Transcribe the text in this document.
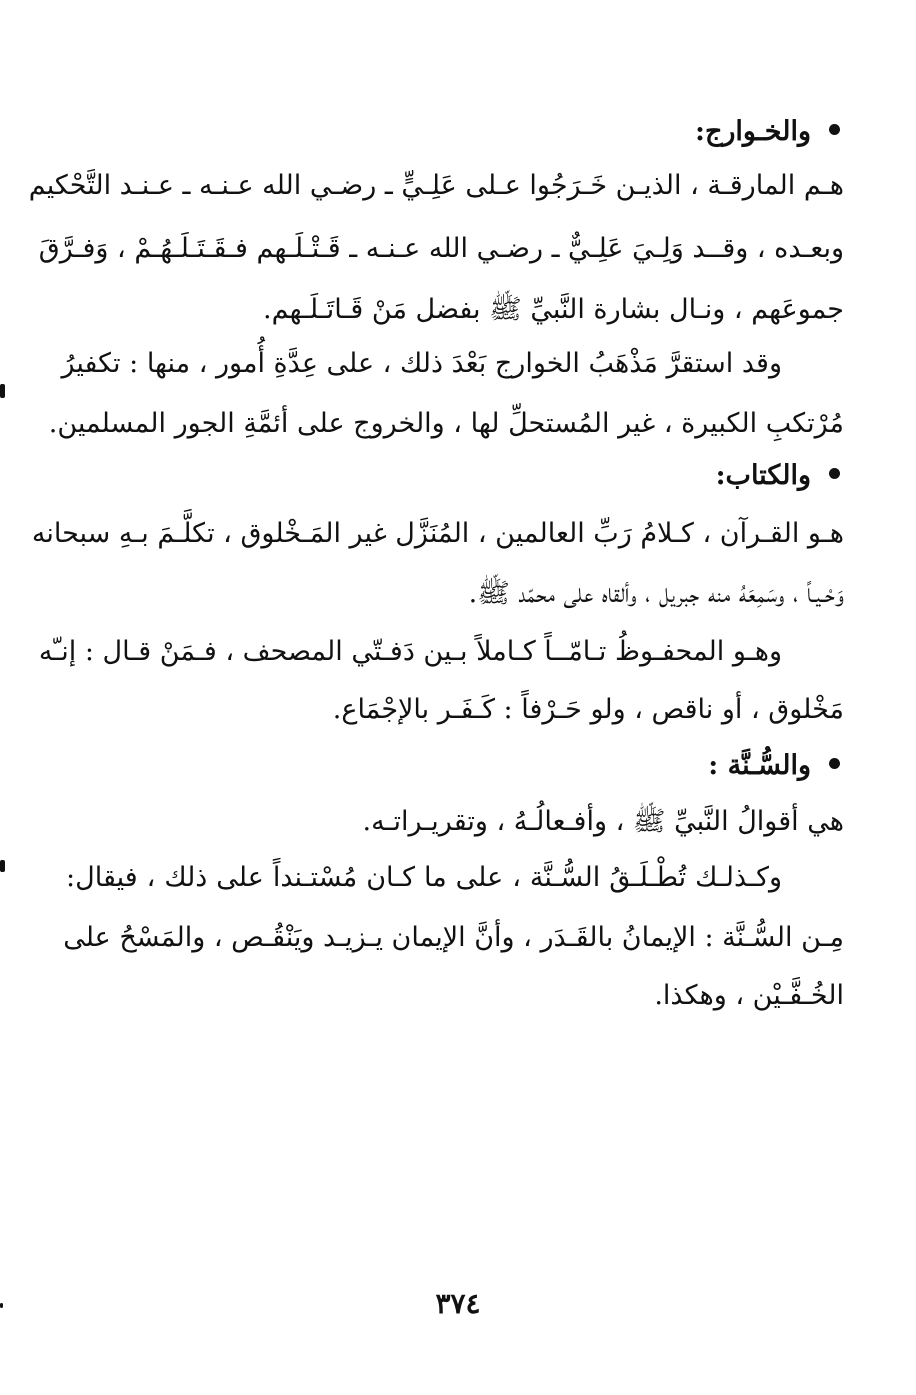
والخـوارج:
هـم المارقـة ، الذيـن خَـرَجُوا عـلى عَلِـيٍّ ـ رضـي الله عـنـه ـ عـنـد التَّحْكيم
وبعـده ، وقــد وَلِـيَ عَلِـيٌّ ـ رضـي الله عـنـه ـ قَـتْـلَـهم فـقَـتَـلَـهُـمْ ، وَفـرَّقَ
جموعَهم ، ونـال بشارة النَّبيِّ ﷺ بفضل مَنْ قَـاتَـلَـهم.
وقد استقرَّ مَذْهَبُ الخوارج بَعْدَ ذلك ، على عِدَّةِ أُمور ، منها : تكفيرُ
مُرْتكبِ الكبيرة ، غير المُستحلِّ لها ، والخروج على أئمَّةِ الجور المسلمين.
والكتاب:
هـو القـرآن ، كـلامُ رَبِّ العالمين ، المُنَزَّل غير المَـخْلوق ، تكلَّـمَ بـهِ سبحانه
وَحْـيـاً ، وسَمِعَهُ منه جبريل ، وألقاه على محمّد ﷺ.
وهـو المحفـوظُ تـامّــاً كـاملاً بـين دَفـتّي المصحف ، فـمَنْ قـال : إنـّه
مَخْلوق ، أو ناقص ، ولو حَـرْفاً : كَـفَـر بالإجْمَاع.
والسُّـنَّة :
هي أقوالُ النَّبيِّ ﷺ ، وأفـعالُـهُ ، وتقريـراتـه.
وكـذلـك تُطْـلَـقُ السُّـنَّة ، على ما كـان مُسْتـنداً على ذلك ، فيقال:
مِـن السُّـنَّة : الإيمانُ بالقَـدَر ، وأنَّ الإيمان يـزيـد ويَنْقُـص ، والمَسْحُ على
الخُـفَّـيْن ، وهكذا.
٣٧٤
